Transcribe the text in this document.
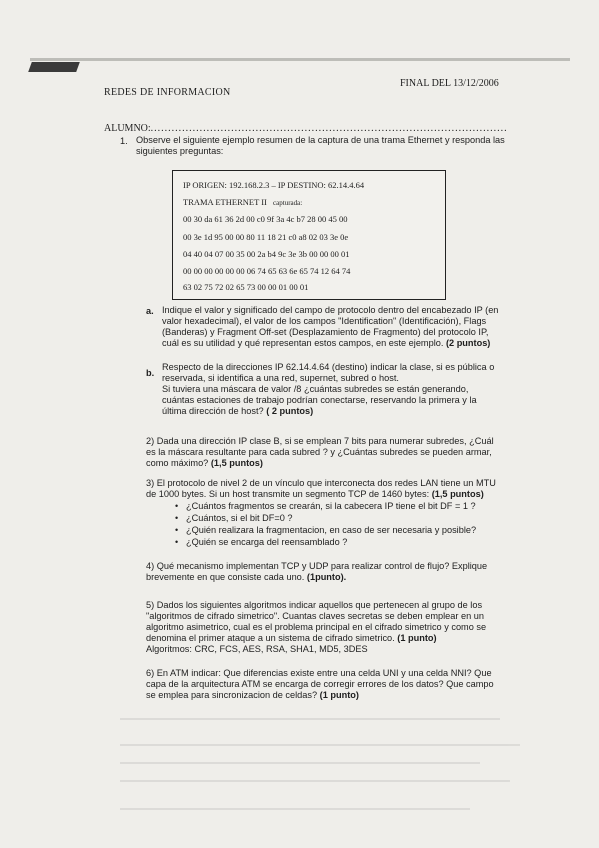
REDES DE INFORMACION
FINAL DEL 13/12/2006
ALUMNO:......................................................................................................
1. Observe el siguiente ejemplo resumen de la captura de una trama Ethernet y responda las
siguientes preguntas:
IP ORIGEN: 192.168.2.3 – IP DESTINO: 62.14.4.64
TRAMA ETHERNET II capturada:
00 30 da 61 36 2d 00 c0 9f 3a 4c b7 28 00 45 00
00 3e 1d 95 00 00 80 11 18 21 c0 a8 02 03 3e 0e
04 40 04 07 00 35 00 2a b4 9c 3e 3b 00 00 00 01
00 00 00 00 00 00 06 74 65 63 6e 65 74 12 64 74
63 02 75 72 02 65 73 00 00 01 00 01
a. Indique el valor y significado del campo de protocolo dentro del encabezado IP (en
valor hexadecimal), el valor de los campos "Identification" (Identificación), Flags
(Banderas) y Fragment Off-set (Desplazamiento de Fragmento) del protocolo IP,
cuál es su utilidad y qué representan estos campos, en este ejemplo. (2 puntos)
b.
Respecto de la direcciones IP 62.14.4.64 (destino) indicar la clase, si es pública o
reservada, si identifica a una red, supernet, subred o host.
Si tuviera una máscara de valor /8 ¿cuántas subredes se están generando,
cuántas estaciones de trabajo podrían conectarse, reservando la primera y la
última dirección de host? ( 2 puntos)
2) Dada una dirección IP clase B, si se emplean 7 bits para numerar subredes, ¿Cuál
es la máscara resultante para cada subred ? y ¿Cuántas subredes se pueden armar,
como máximo? (1,5 puntos)
3) El protocolo de nivel 2 de un vínculo que interconecta dos redes LAN tiene un MTU
de 1000 bytes. Si un host transmite un segmento TCP de 1460 bytes: (1,5 puntos)
• ¿Cuántos fragmentos se crearán, si la cabecera IP tiene el bit DF = 1 ?
• ¿Cuántos, si el bit DF=0 ?
• ¿Quién realizara la fragmentacion, en caso de ser necesaria y posible?
• ¿Quién se encarga del reensamblado ?
4) Qué mecanismo implementan TCP y UDP para realizar control de flujo? Explique
brevemente en que consiste cada uno. (1punto).
5) Dados los siguientes algoritmos indicar aquellos que pertenecen al grupo de los
"algoritmos de cifrado simetrico". Cuantas claves secretas se deben emplear en un
algoritmo asimetrico, cual es el problema principal en el cifrado simetrico y como se
denomina el primer ataque a un sistema de cifrado simetrico. (1 punto)
Algoritmos: CRC, FCS, AES, RSA, SHA1, MD5, 3DES
6) En ATM indicar: Que diferencias existe entre una celda UNI y una celda NNI? Que
capa de la arquitectura ATM se encarga de corregir errores de los datos? Que campo
se emplea para sincronizacion de celdas? (1 punto)
